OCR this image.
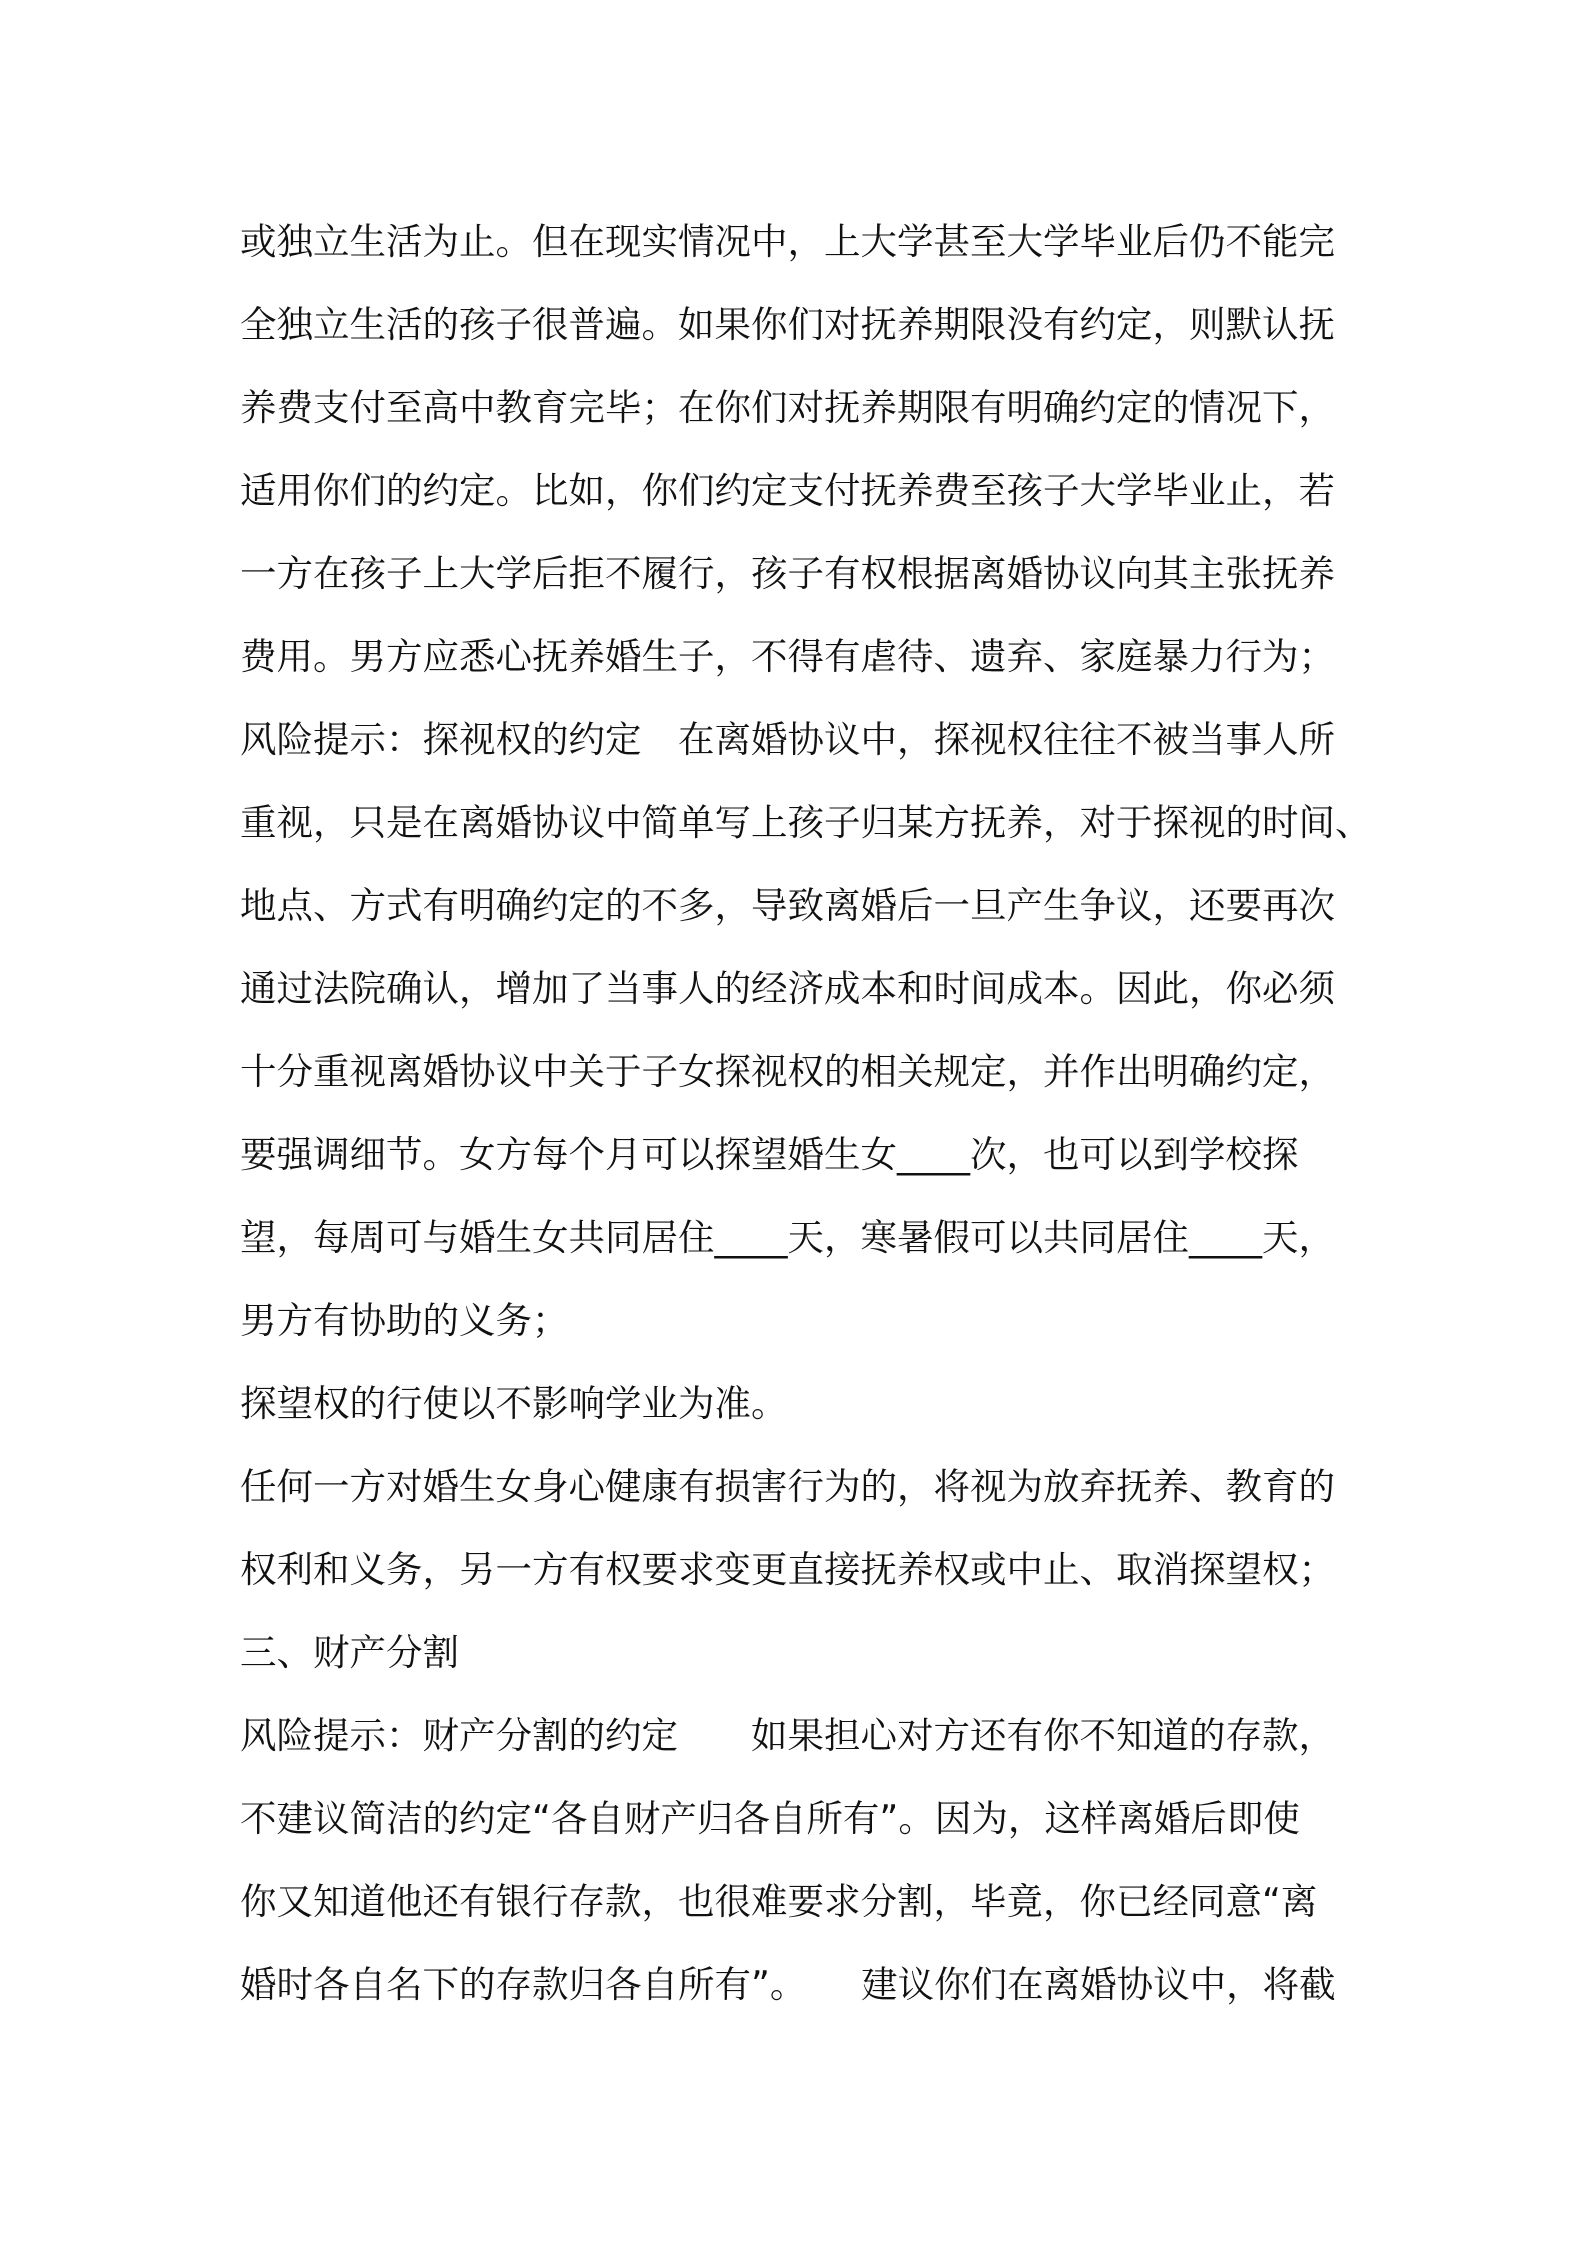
或独立生活为止。但在现实情况中，上大学甚至大学毕业后仍不能完
全独立生活的孩子很普遍。如果你们对抚养期限没有约定，则默认抚
养费支付至高中教育完毕；在你们对抚养期限有明确约定的情况下，
适用你们的约定。比如，你们约定支付抚养费至孩子大学毕业止，若
一方在孩子上大学后拒不履行，孩子有权根据离婚协议向其主张抚养
费用。男方应悉心抚养婚生子，不得有虐待、遗弃、家庭暴力行为；
风险提示：探视权的约定　在离婚协议中，探视权往往不被当事人所
重视，只是在离婚协议中简单写上孩子归某方抚养，对于探视的时间、
地点、方式有明确约定的不多，导致离婚后一旦产生争议，还要再次
通过法院确认，增加了当事人的经济成本和时间成本。因此，你必须
十分重视离婚协议中关于子女探视权的相关规定，并作出明确约定，
要强调细节。女方每个月可以探望婚生女____次，也可以到学校探
望，每周可与婚生女共同居住____天，寒暑假可以共同居住____天，
男方有协助的义务；
探望权的行使以不影响学业为准。
任何一方对婚生女身心健康有损害行为的，将视为放弃抚养、教育的
权利和义务，另一方有权要求变更直接抚养权或中止、取消探望权；
三、财产分割
风险提示：财产分割的约定　　如果担心对方还有你不知道的存款，
不建议简洁的约定“各自财产归各自所有”。因为，这样离婚后即使
你又知道他还有银行存款，也很难要求分割，毕竟，你已经同意“离
婚时各自名下的存款归各自所有”。　　建议你们在离婚协议中，将截
